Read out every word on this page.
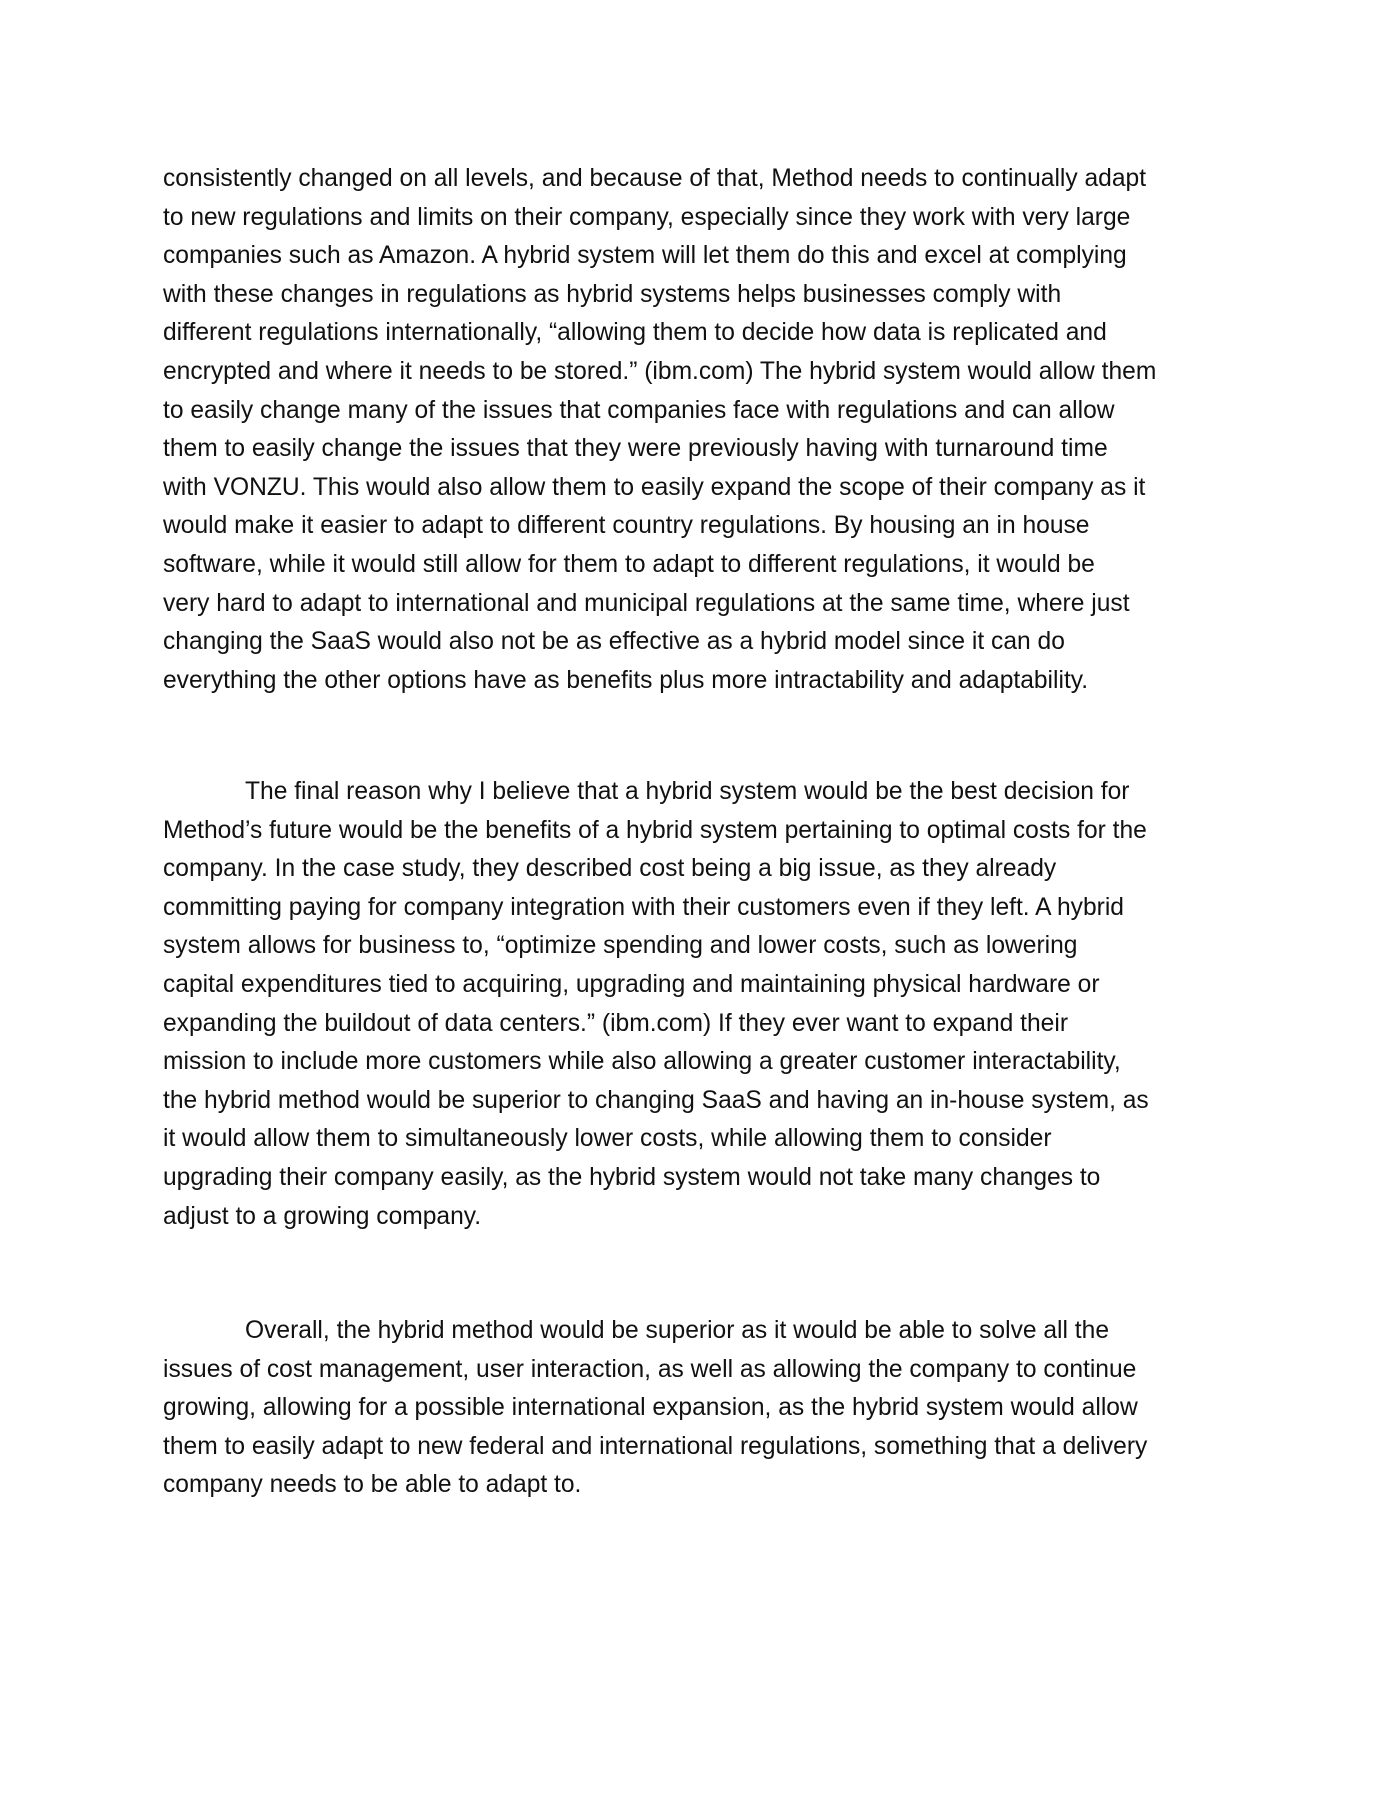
consistently changed on all levels, and because of that, Method needs to continually adapt
to new regulations and limits on their company, especially since they work with very large
companies such as Amazon. A hybrid system will let them do this and excel at complying
with these changes in regulations as hybrid systems helps businesses comply with
different regulations internationally, “allowing them to decide how data is replicated and
encrypted and where it needs to be stored.” (ibm.com) The hybrid system would allow them
to easily change many of the issues that companies face with regulations and can allow
them to easily change the issues that they were previously having with turnaround time
with VONZU. This would also allow them to easily expand the scope of their company as it
would make it easier to adapt to different country regulations. By housing an in house
software, while it would still allow for them to adapt to different regulations, it would be
very hard to adapt to international and municipal regulations at the same time, where just
changing the SaaS would also not be as effective as a hybrid model since it can do
everything the other options have as benefits plus more intractability and adaptability.
The final reason why I believe that a hybrid system would be the best decision for
Method’s future would be the benefits of a hybrid system pertaining to optimal costs for the
company. In the case study, they described cost being a big issue, as they already
committing paying for company integration with their customers even if they left. A hybrid
system allows for business to, “optimize spending and lower costs, such as lowering
capital expenditures tied to acquiring, upgrading and maintaining physical hardware or
expanding the buildout of data centers.” (ibm.com) If they ever want to expand their
mission to include more customers while also allowing a greater customer interactability,
the hybrid method would be superior to changing SaaS and having an in-house system, as
it would allow them to simultaneously lower costs, while allowing them to consider
upgrading their company easily, as the hybrid system would not take many changes to
adjust to a growing company.
Overall, the hybrid method would be superior as it would be able to solve all the
issues of cost management, user interaction, as well as allowing the company to continue
growing, allowing for a possible international expansion, as the hybrid system would allow
them to easily adapt to new federal and international regulations, something that a delivery
company needs to be able to adapt to.
